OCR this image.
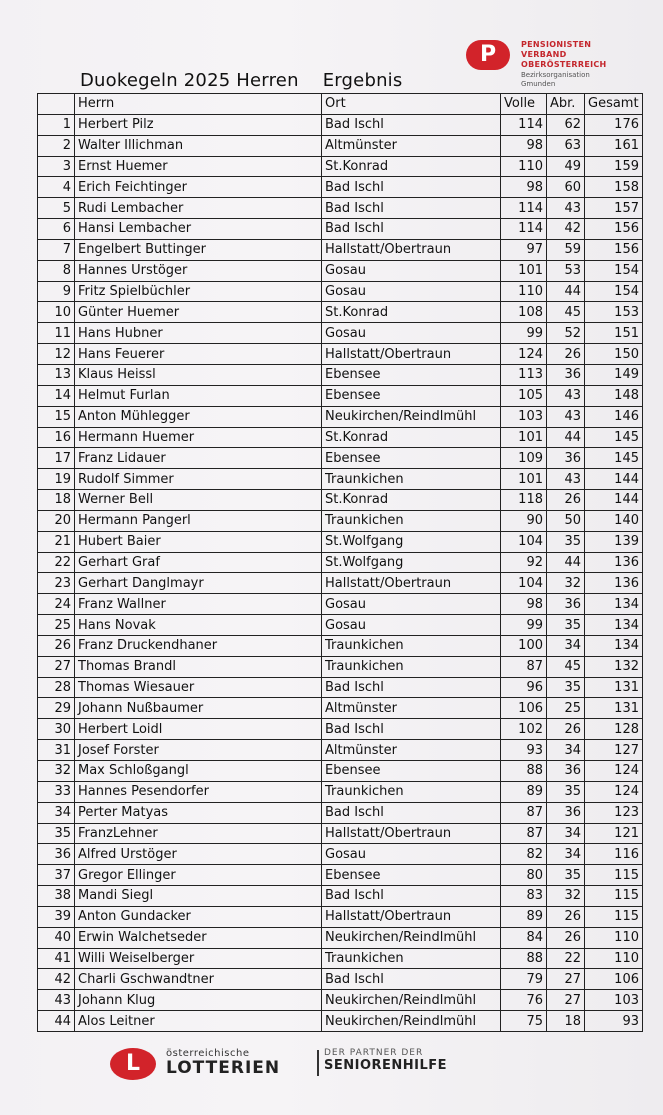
Duokegeln 2025 Herren Ergebnis
P	PENSIONISTEN
VERBAND
OBERÖSTERREICH
Bezirksorganisation
Gmunden
	Herrn	Ort	Volle	Abr.	Gesamt
1	Herbert Pilz	Bad Ischl	114	62	176
2	Walter Illichman	Altmünster	98	63	161
3	Ernst Huemer	St.Konrad	110	49	159
4	Erich Feichtinger	Bad Ischl	98	60	158
5	Rudi Lembacher	Bad Ischl	114	43	157
6	Hansi Lembacher	Bad Ischl	114	42	156
7	Engelbert Buttinger	Hallstatt/Obertraun	97	59	156
8	Hannes Urstöger	Gosau	101	53	154
9	Fritz Spielbüchler	Gosau	110	44	154
10	Günter Huemer	St.Konrad	108	45	153
11	Hans Hubner	Gosau	99	52	151
12	Hans Feuerer	Hallstatt/Obertraun	124	26	150
13	Klaus Heissl	Ebensee	113	36	149
14	Helmut Furlan	Ebensee	105	43	148
15	Anton Mühlegger	Neukirchen/Reindlmühl	103	43	146
16	Hermann Huemer	St.Konrad	101	44	145
17	Franz Lidauer	Ebensee	109	36	145
19	Rudolf Simmer	Traunkichen	101	43	144
18	Werner Bell	St.Konrad	118	26	144
20	Hermann Pangerl	Traunkichen	90	50	140
21	Hubert Baier	St.Wolfgang	104	35	139
22	Gerhart Graf	St.Wolfgang	92	44	136
23	Gerhart Danglmayr	Hallstatt/Obertraun	104	32	136
24	Franz Wallner	Gosau	98	36	134
25	Hans Novak	Gosau	99	35	134
26	Franz Druckendhaner	Traunkichen	100	34	134
27	Thomas Brandl	Traunkichen	87	45	132
28	Thomas Wiesauer	Bad Ischl	96	35	131
29	Johann Nußbaumer	Altmünster	106	25	131
30	Herbert Loidl	Bad Ischl	102	26	128
31	Josef Forster	Altmünster	93	34	127
32	Max Schloßgangl	Ebensee	88	36	124
33	Hannes Pesendorfer	Traunkichen	89	35	124
34	Perter Matyas	Bad Ischl	87	36	123
35	FranzLehner	Hallstatt/Obertraun	87	34	121
36	Alfred Urstöger	Gosau	82	34	116
37	Gregor Ellinger	Ebensee	80	35	115
38	Mandi Siegl	Bad Ischl	83	32	115
39	Anton Gundacker	Hallstatt/Obertraun	89	26	115
40	Erwin Walchetseder	Neukirchen/Reindlmühl	84	26	110
41	Willi Weiselberger	Traunkichen	88	22	110
42	Charli Gschwandtner	Bad Ischl	79	27	106
43	Johann Klug	Neukirchen/Reindlmühl	76	27	103
44	Alos Leitner	Neukirchen/Reindlmühl	75	18	93
L	österreichische
LOTTERIEN
DER PARTNER DER
SENIORENHILFE
